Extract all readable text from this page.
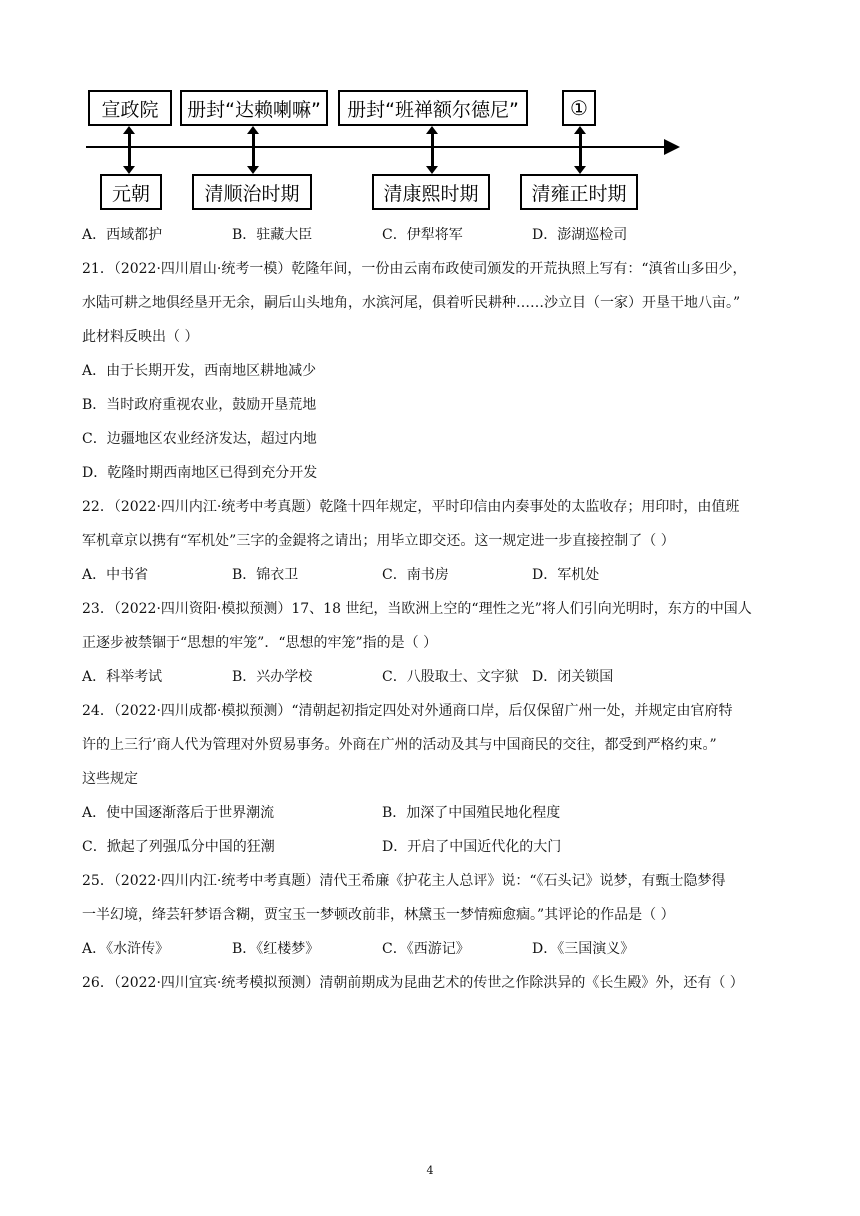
宣政院	册封“达赖喇嘛”	册封“班禅额尔德尼”	①
元朝	清顺治时期	清康熙时期	清雍正时期
A．西域都护	B．驻藏大臣	C．伊犁将军	D．澎湖巡检司
21．（2022·四川眉山·统考一模）乾隆年间，一份由云南布政使司颁发的开荒执照上写有：“滇省山多田少，
水陆可耕之地俱经垦开无余，嗣后山头地角，水滨河尾，俱着听民耕种……沙立目（一家）开垦干地八亩。”
此材料反映出（ ）
A．由于长期开发，西南地区耕地减少
B．当时政府重视农业，鼓励开垦荒地
C．边疆地区农业经济发达，超过内地
D．乾隆时期西南地区已得到充分开发
22．（2022·四川内江·统考中考真题）乾隆十四年规定，平时印信由内奏事处的太监收存；用印时，由值班
军机章京以携有“军机处”三字的金鍉将之请出；用毕立即交还。这一规定进一步直接控制了（ ）
A．中书省	B．锦衣卫	C．南书房	D．军机处
23．（2022·四川资阳·模拟预测）17、18 世纪，当欧洲上空的“理性之光”将人们引向光明时，东方的中国人
正逐步被禁锢于“思想的牢笼”．“思想的牢笼”指的是（ ）
A．科举考试	B．兴办学校	C．八股取士、文字狱 D．闭关锁国
24．（2022·四川成都·模拟预测）“清朝起初指定四处对外通商口岸，后仅保留广州一处，并规定由官府特
许的上三行’商人代为管理对外贸易事务。外商在广州的活动及其与中国商民的交往，都受到严格约束。”
这些规定
A．使中国逐渐落后于世界潮流	B．加深了中国殖民地化程度
C．掀起了列强瓜分中国的狂潮	D．开启了中国近代化的大门
25．（2022·四川内江·统考中考真题）清代王希廉《护花主人总评》说：“《石头记》说梦，有甄士隐梦得
一半幻境，绛芸轩梦语含糊，贾宝玉一梦顿改前非，林黛玉一梦情痴愈痼。”其评论的作品是（ ）
A．《水浒传》	B．《红楼梦》	C．《西游记》	D．《三国演义》
26．（2022·四川宜宾·统考模拟预测）清朝前期成为昆曲艺术的传世之作除洪异的《长生殿》外，还有（ ）
4
